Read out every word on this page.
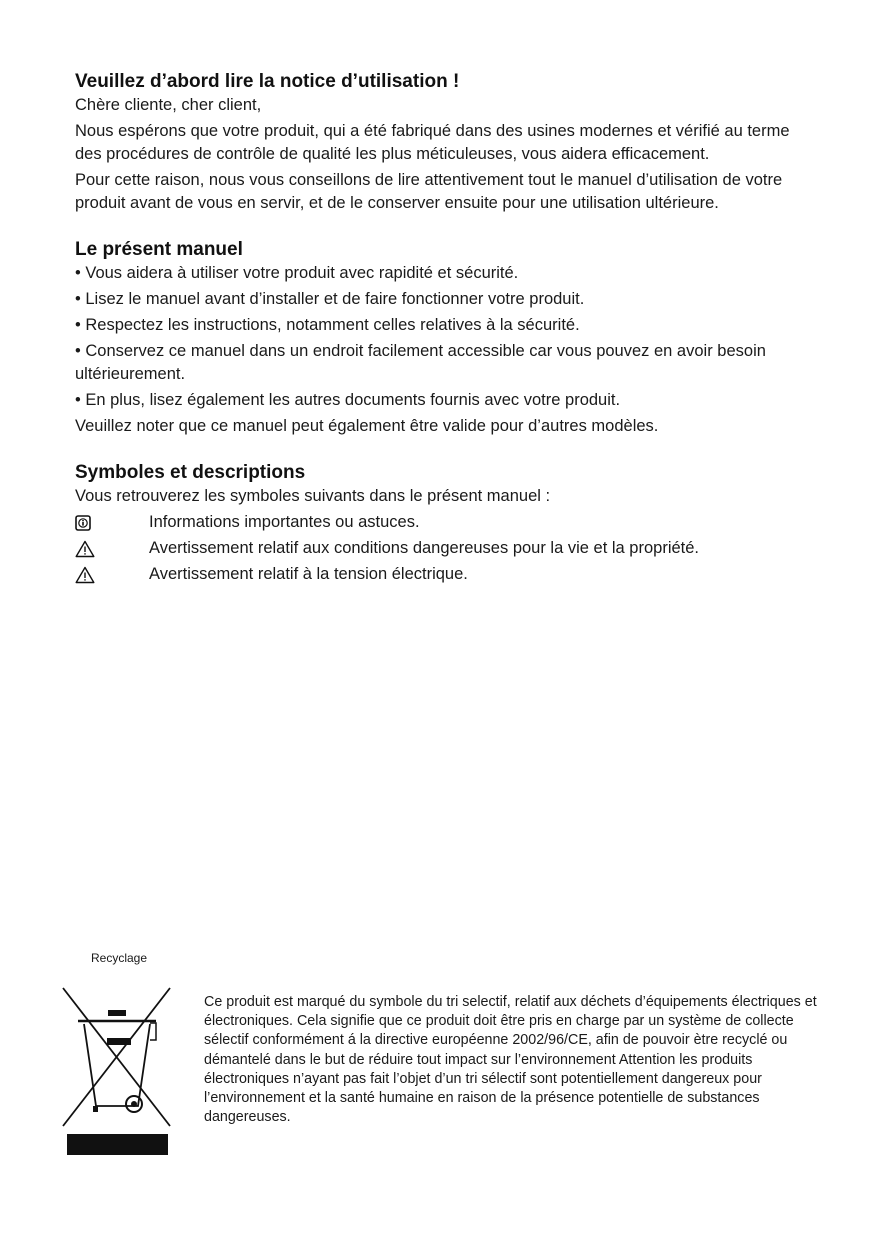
Veuillez d’abord lire la notice d’utilisation !

Chère cliente, cher client,

Nous espérons que votre produit, qui a été fabriqué dans des usines modernes et vérifié au terme des procédures de contrôle de qualité les plus méticuleuses, vous aidera efficacement.

Pour cette raison, nous vous conseillons de lire attentivement tout le manuel d’utilisation de votre produit avant de vous en servir, et de le conserver ensuite pour une utilisation ultérieure.

Le présent manuel

• Vous aidera à utiliser votre produit avec rapidité et sécurité.

• Lisez le manuel avant d’installer et de faire fonctionner votre produit.

• Respectez les instructions, notamment celles relatives à la sécurité.

• Conservez ce manuel dans un endroit facilement accessible car vous pouvez en avoir besoin ultérieurement.

• En plus, lisez également les autres documents fournis avec votre produit.

Veuillez noter que ce manuel peut également être valide pour d’autres modèles.

Symboles et descriptions

Vous retrouverez les symboles suivants dans le présent manuel :

Informations importantes ou astuces.
Avertissement relatif aux conditions dangereuses pour la vie et la propriété.
Avertissement relatif à la tension électrique.
Recyclage

Ce produit est marqué du symbole du tri selectif, relatif aux déchets d’équipements électriques et électroniques. Cela signifie que ce produit doit être pris en charge par un système de collecte sélectif conformément á la directive européenne 2002/96/CE, afin de pouvoir ètre recyclé ou démantelé dans le but de réduire tout impact sur l’environnement Attention les produits électroniques n’ayant pas fait l’objet d’un tri sélectif sont potentiellement dangereux pour l’environnement et la santé humaine en raison de la présence potentielle de substances dangereuses.
